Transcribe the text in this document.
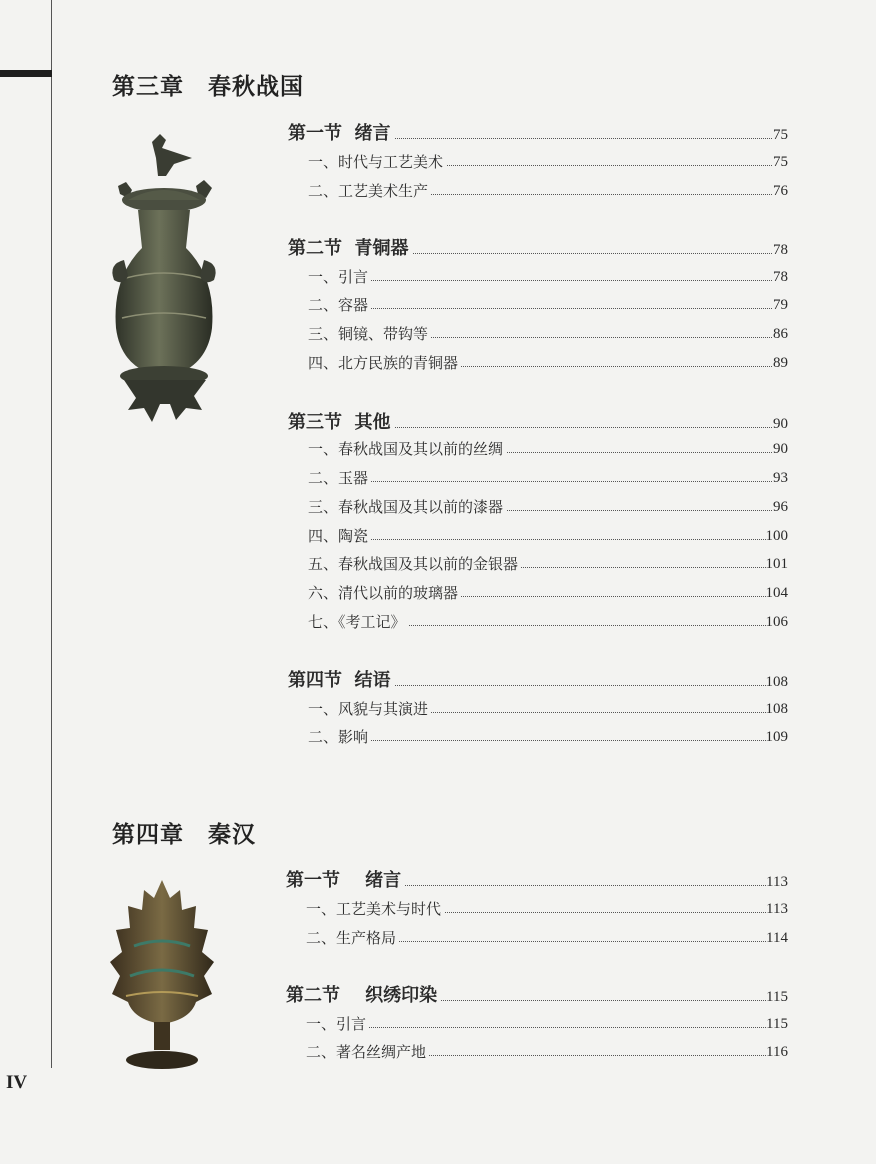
第三章　春秋战国
第四章　秦汉
第一节  绪言	75
一、时代与工艺美术	75
二、工艺美术生产	76
第二节  青铜器	78
一、引言	78
二、容器	79
三、铜镜、带钩等	86
四、北方民族的青铜器	89
第三节  其他	90
一、春秋战国及其以前的丝绸	90
二、玉器	93
三、春秋战国及其以前的漆器	96
四、陶瓷	100
五、春秋战国及其以前的金银器	101
六、清代以前的玻璃器	104
七、《考工记》	106
第四节  结语	108
一、风貌与其演进	108
二、影响	109
第一节    绪言	113
一、工艺美术与时代	113
二、生产格局	114
第二节    织绣印染	115
一、引言	115
二、著名丝绸产地	116
IV
